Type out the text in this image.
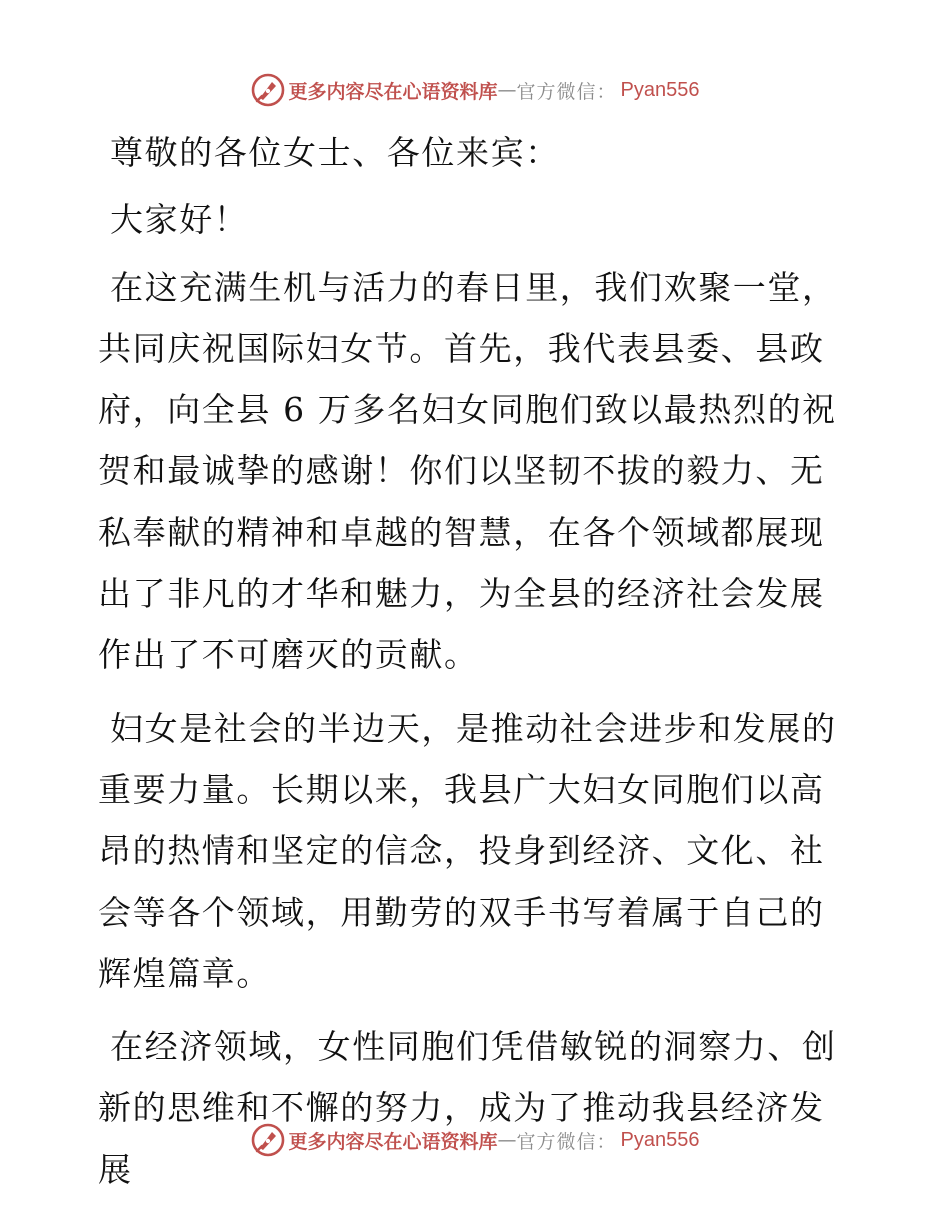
更多内容尽在心语资料库 — 官方微信： Pyan556

尊敬的各位女士、各位来宾：

大家好！

在这充满生机与活力的春日里，我们欢聚一堂，共同庆祝国际妇女节。首先，我代表县委、县政府，向全县 6 万多名妇女同胞们致以最热烈的祝贺和最诚挚的感谢！你们以坚韧不拔的毅力、无私奉献的精神和卓越的智慧，在各个领域都展现出了非凡的才华和魅力，为全县的经济社会发展作出了不可磨灭的贡献。

妇女是社会的半边天，是推动社会进步和发展的重要力量。长期以来，我县广大妇女同胞们以高昂的热情和坚定的信念，投身到经济、文化、社会等各个领域，用勤劳的双手书写着属于自己的辉煌篇章。

在经济领域，女性同胞们凭借敏锐的洞察力、创新的思维和不懈的努力，成为了推动我县经济发展

更多内容尽在心语资料库 — 官方微信： Pyan556
